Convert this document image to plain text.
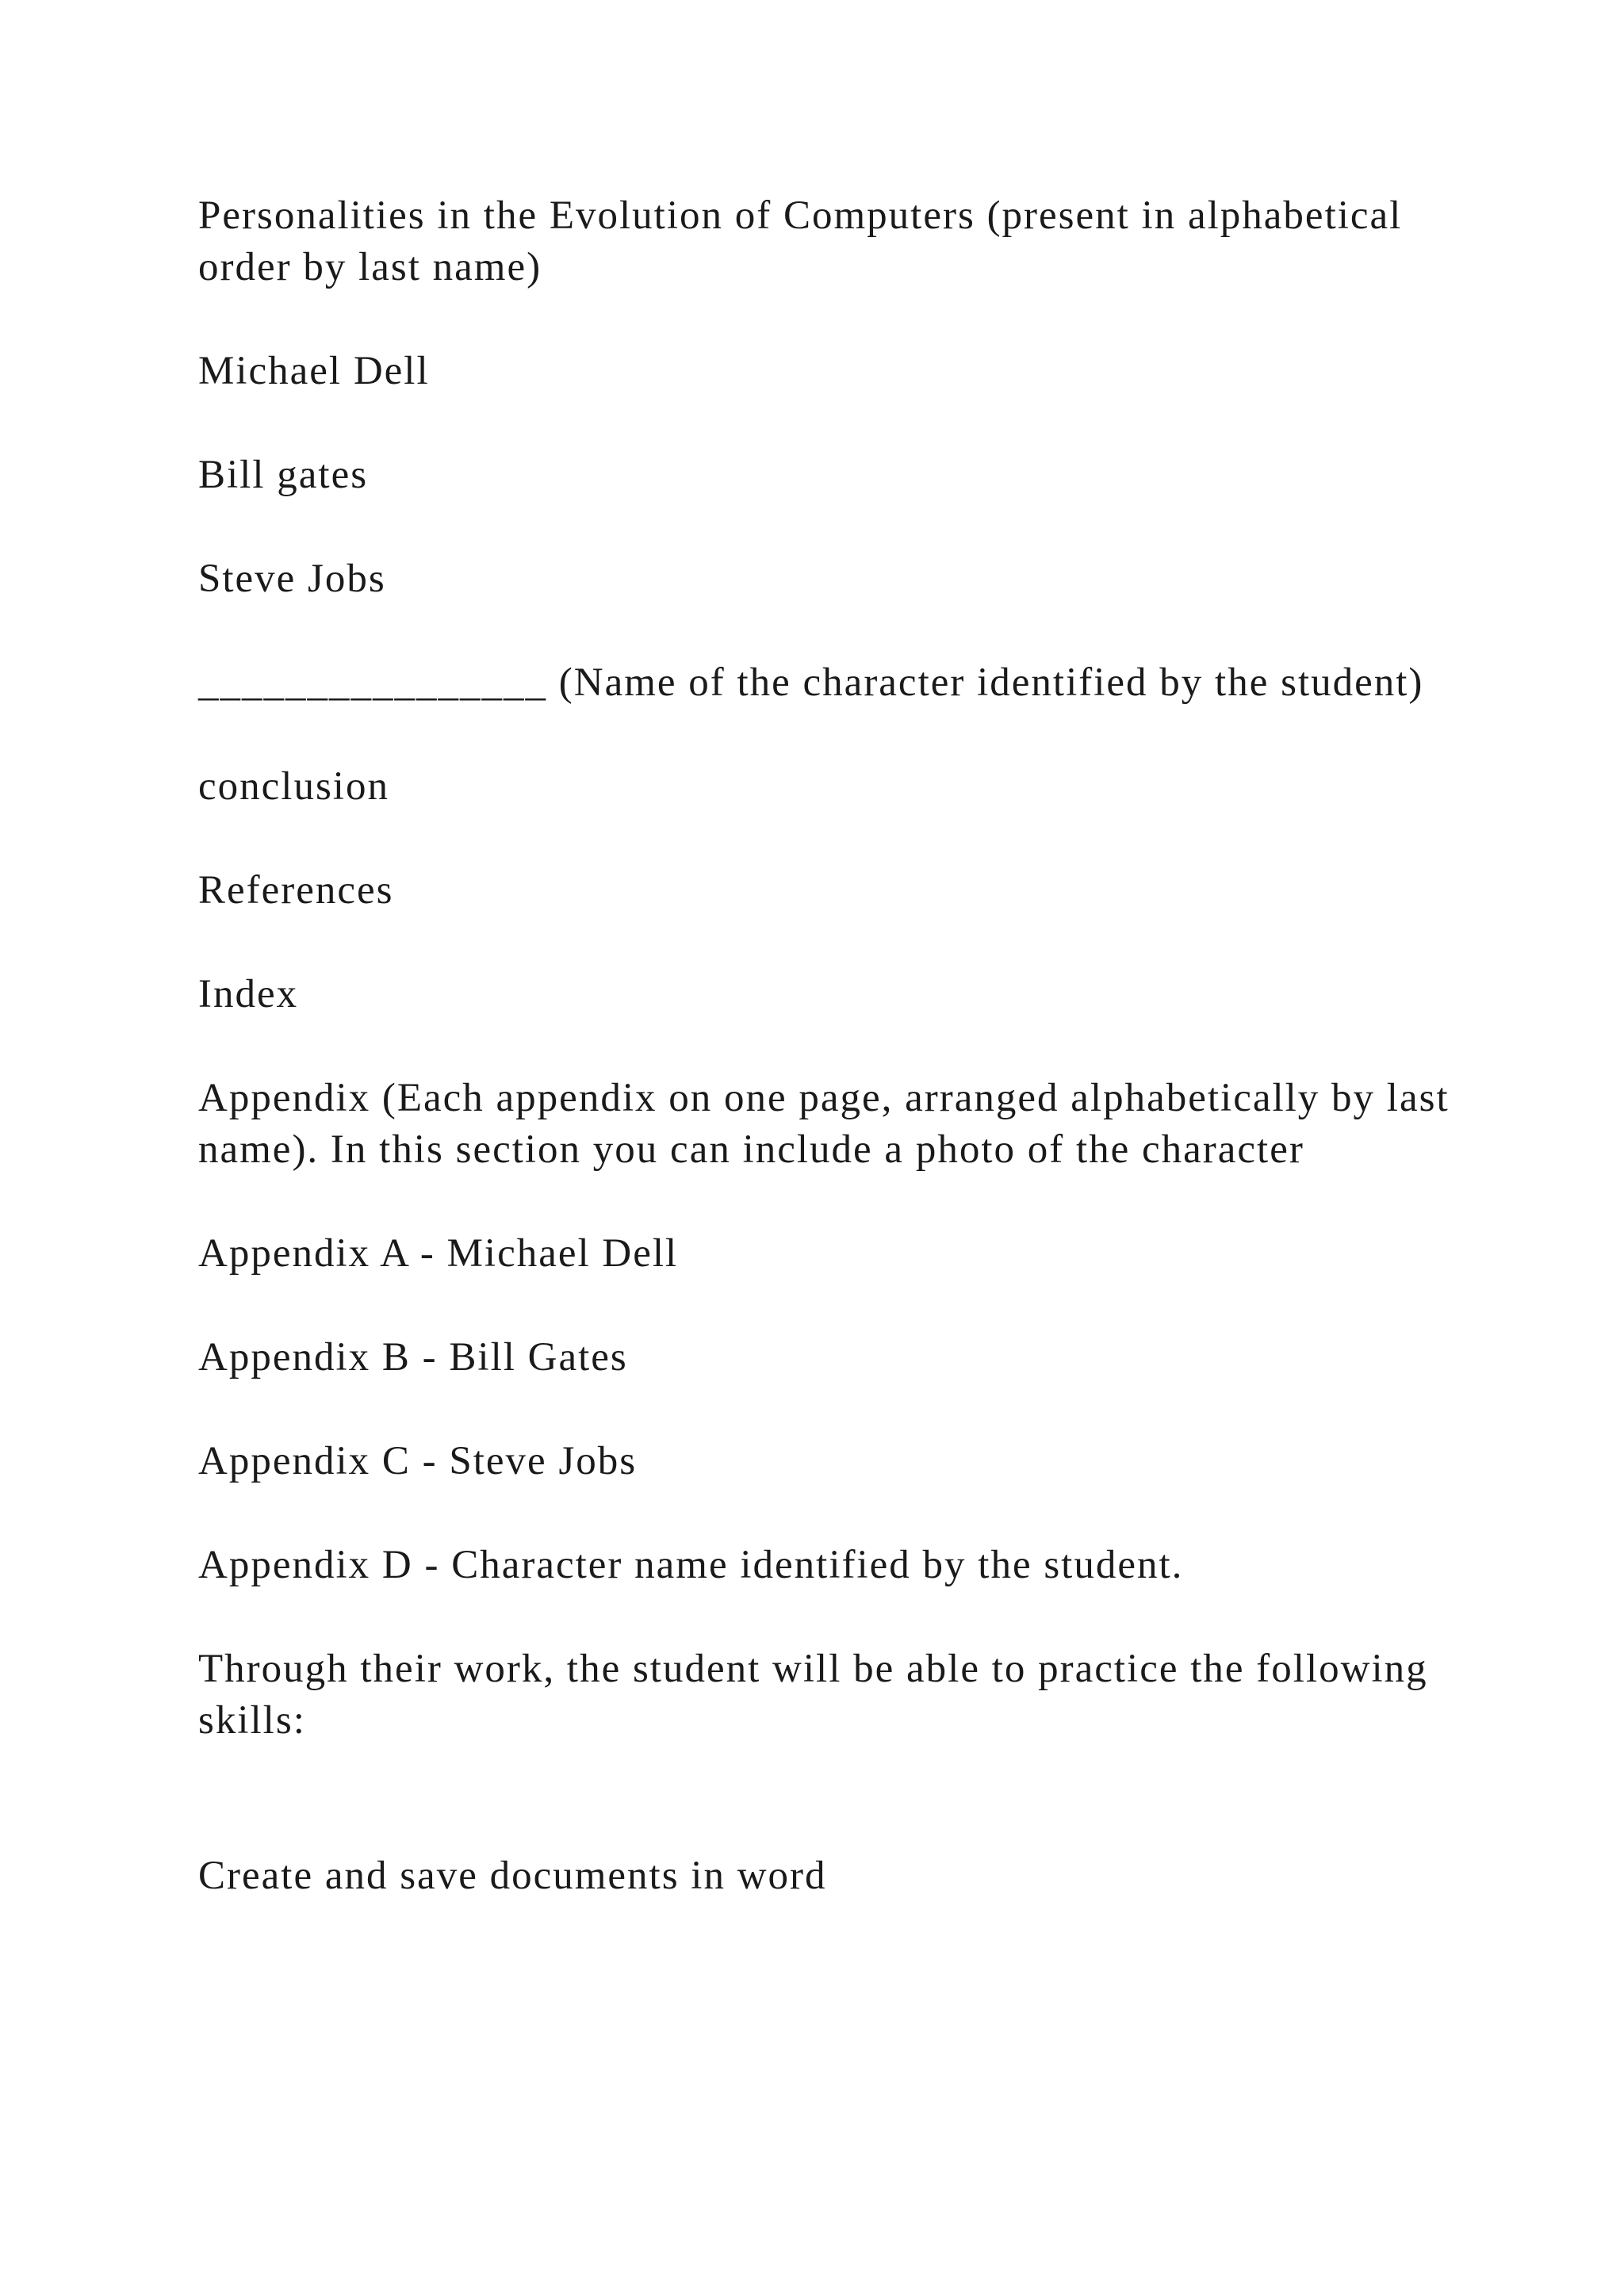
Personalities in the Evolution of Computers (present in alphabetical order by last name)

Michael Dell

Bill gates

Steve Jobs

________________ (Name of the character identified by the student)

conclusion

References

Index

Appendix (Each appendix on one page, arranged alphabetically by last name). In this section you can include a photo of the character

Appendix A - Michael Dell

Appendix B - Bill Gates

Appendix C - Steve Jobs

Appendix D - Character name identified by the student.

Through their work, the student will be able to practice the following skills:

Create and save documents in word
